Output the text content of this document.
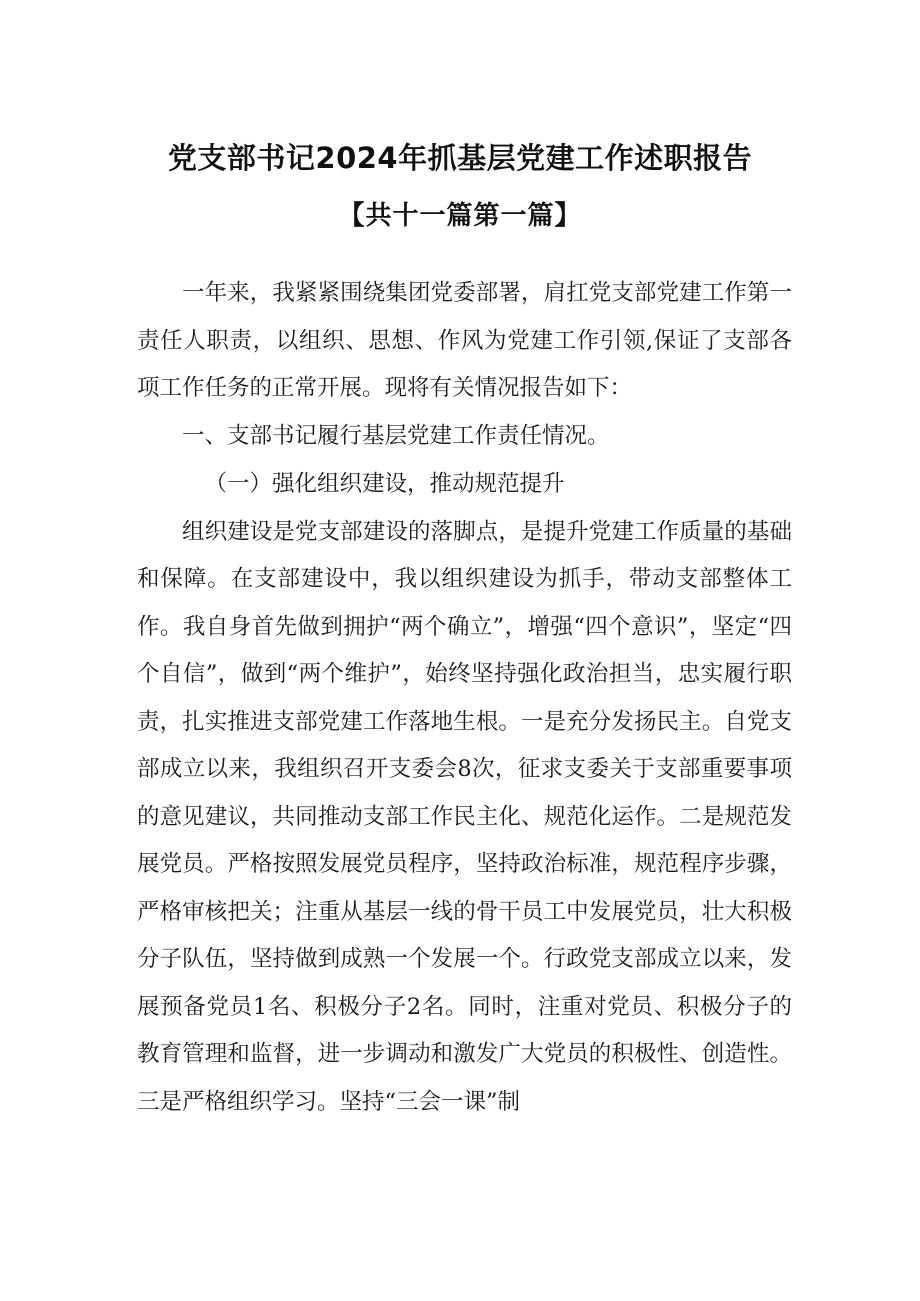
党支部书记2024年抓基层党建工作述职报告
【共十一篇第一篇】

一年来，我紧紧围绕集团党委部署，肩扛党支部党建工作第一责任人职责，以组织、思想、作风为党建工作引领,保证了支部各项工作任务的正常开展。现将有关情况报告如下：

一、支部书记履行基层党建工作责任情况。

（一）强化组织建设，推动规范提升

组织建设是党支部建设的落脚点，是提升党建工作质量的基础和保障。在支部建设中，我以组织建设为抓手，带动支部整体工作。我自身首先做到拥护“两个确立”，增强“四个意识”，坚定“四个自信”，做到“两个维护”，始终坚持强化政治担当，忠实履行职责，扎实推进支部党建工作落地生根。一是充分发扬民主。自党支部成立以来，我组织召开支委会8次，征求支委关于支部重要事项的意见建议，共同推动支部工作民主化、规范化运作。二是规范发展党员。严格按照发展党员程序，坚持政治标准，规范程序步骤，严格审核把关；注重从基层一线的骨干员工中发展党员，壮大积极分子队伍，坚持做到成熟一个发展一个。行政党支部成立以来，发展预备党员1名、积极分子2名。同时，注重对党员、积极分子的教育管理和监督，进一步调动和激发广大党员的积极性、创造性。三是严格组织学习。坚持“三会一课”制
